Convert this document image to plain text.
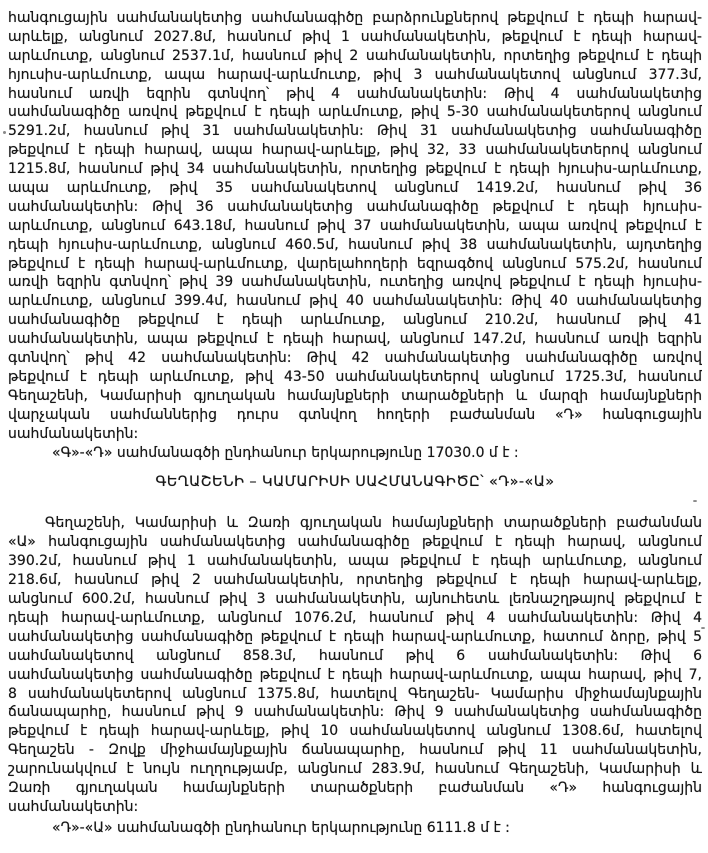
հանգուցային սահմանակետից սահմանագիծը բարձրունքներով թեքվում է դեպի հարավ-
արևելք, անցնում 2027.8մ, հասնում թիվ 1 սահմանակետին, թեքվում է դեպի հարավ-
արևմուտք, անցնում 2537.1մ, հասնում թիվ 2 սահմանակետին, որտեղից թեքվում է դեպի
հյուսիս-արևմուտք, ապա հարավ-արևմուտք, թիվ 3 սահմանակետով անցնում 377.3մ,
հասնում առվի եզրին գտնվող՝ թիվ 4 սահմանակետին: Թիվ 4 սահմանակետից
սահմանագիծը առվով թեքվում է դեպի արևմուտք, թիվ 5-30 սահմանակետերով անցնում
5291.2մ, հասնում թիվ 31 սահմանակետին: Թիվ 31 սահմանակետից սահմանագիծը
թեքվում է դեպի հարավ, ապա հարավ-արևելք, թիվ 32, 33 սահմանակետերով անցնում
1215.8մ, հասնում թիվ 34 սահմանակետին, որտեղից թեքվում է դեպի հյուսիս-արևմուտք,
ապա արևմուտք, թիվ 35 սահմանակետով անցնում 1419.2մ, հասնում թիվ 36
սահմանակետին: Թիվ 36 սահմանակետից սահմանագիծը թեքվում է դեպի հյուսիս-
արևմուտք, անցնում 643.18մ, հասնում թիվ 37 սահմանակետին, ապա առվով թեքվում է
դեպի հյուսիս-արևմուտք, անցնում 460.5մ, հասնում թիվ 38 սահմանակետին, այդտեղից
թեքվում է դեպի հարավ-արևմուտք, վարելահողերի եզրագծով անցնում 575.2մ, հասնում
առվի եզրին գտնվող՝ թիվ 39 սահմանակետին, ուտեղից առվով թեքվում է դեպի հյուսիս-
արևմուտք, անցնում 399.4մ, հասնում թիվ 40 սահմանակետին: Թիվ 40 սահմանակետից
սահմանագիծը թեքվում է դեպի արևմուտք, անցնում 210.2մ, հասնում թիվ 41
սահմանակետին, ապա թեքվում է դեպի հարավ, անցնում 147.2մ, հասնում առվի եզրին
գտնվող՝ թիվ 42 սահմանակետին: Թիվ 42 սահմանակետից սահմանագիծը առվով
թեքվում է դեպի արևմուտք, թիվ 43-50 սահմանակետերով անցնում 1725.3մ, հասնում
Գեղաշենի, Կամարիսի գյուղական համայնքների տարածքների և մարզի համայնքների
վարչական սահմաններից դուրս գտնվող հողերի բաժանման «Դ» հանգուցային
սահմանակետին:
«Գ»-«Դ» սահմանագծի ընդհանուր երկարությունը 17030.0 մ է :
ԳԵՂԱՇԵՆԻ – ԿԱՄԱՐԻՍԻ ՍԱՀՄԱՆԱԳԻԾԸ՝ «Դ»-«Ա»
Գեղաշենի, Կամարիսի և Զառի գյուղական համայնքների տարածքների բաժանման
«Ա» հանգուցային սահմանակետից սահմանագիծը թեքվում է դեպի հարավ, անցնում
390.2մ, հասնում թիվ 1 սահմանակետին, ապա թեքվում է դեպի արևմուտք, անցնում
218.6մ, հասնում թիվ 2 սահմանակետին, որտեղից թեքվում է դեպի հարավ-արևելք,
անցնում 600.2մ, հասնում թիվ 3 սահմանակետին, այնուհետև լեռնաշղթայով թեքվում է
դեպի հարավ-արևմուտք, անցնում 1076.2մ, հասնում թիվ 4 սահմանակետին: Թիվ 4
սահմանակետից սահմանագիծը թեքվում է դեպի հարավ-արևմուտք, հատում ձորը, թիվ 5
սահմանակետով անցնում 858.3մ, հասնում թիվ 6 սահմանակետին: Թիվ 6
սահմանակետից սահմանագիծը թեքվում է դեպի հարավ-արևմուտք, ապա հարավ, թիվ 7,
8 սահմանակետերով անցնում 1375.8մ, հատելով Գեղաշեն- Կամարիս միջհամայնքային
ճանապարհը, հասնում թիվ 9 սահմանակետին: Թիվ 9 սահմանակետից սահմանագիծը
թեքվում է դեպի հարավ-արևելք, թիվ 10 սահմանակետով անցնում 1308.6մ, հատելով
Գեղաշեն - Զովք միջհամայնքային ճանապարհը, հասնում թիվ 11 սահմանակետին,
շարունակվում է նույն ուղղությամբ, անցնում 283.9մ, հասնում Գեղաշենի, Կամարիսի և
Զառի գյուղական համայնքների տարածքների բաժանման «Դ» հանգուցային
սահմանակետին:
«Դ»-«Ա» սահմանագծի ընդհանուր երկարությունը 6111.8 մ է :
